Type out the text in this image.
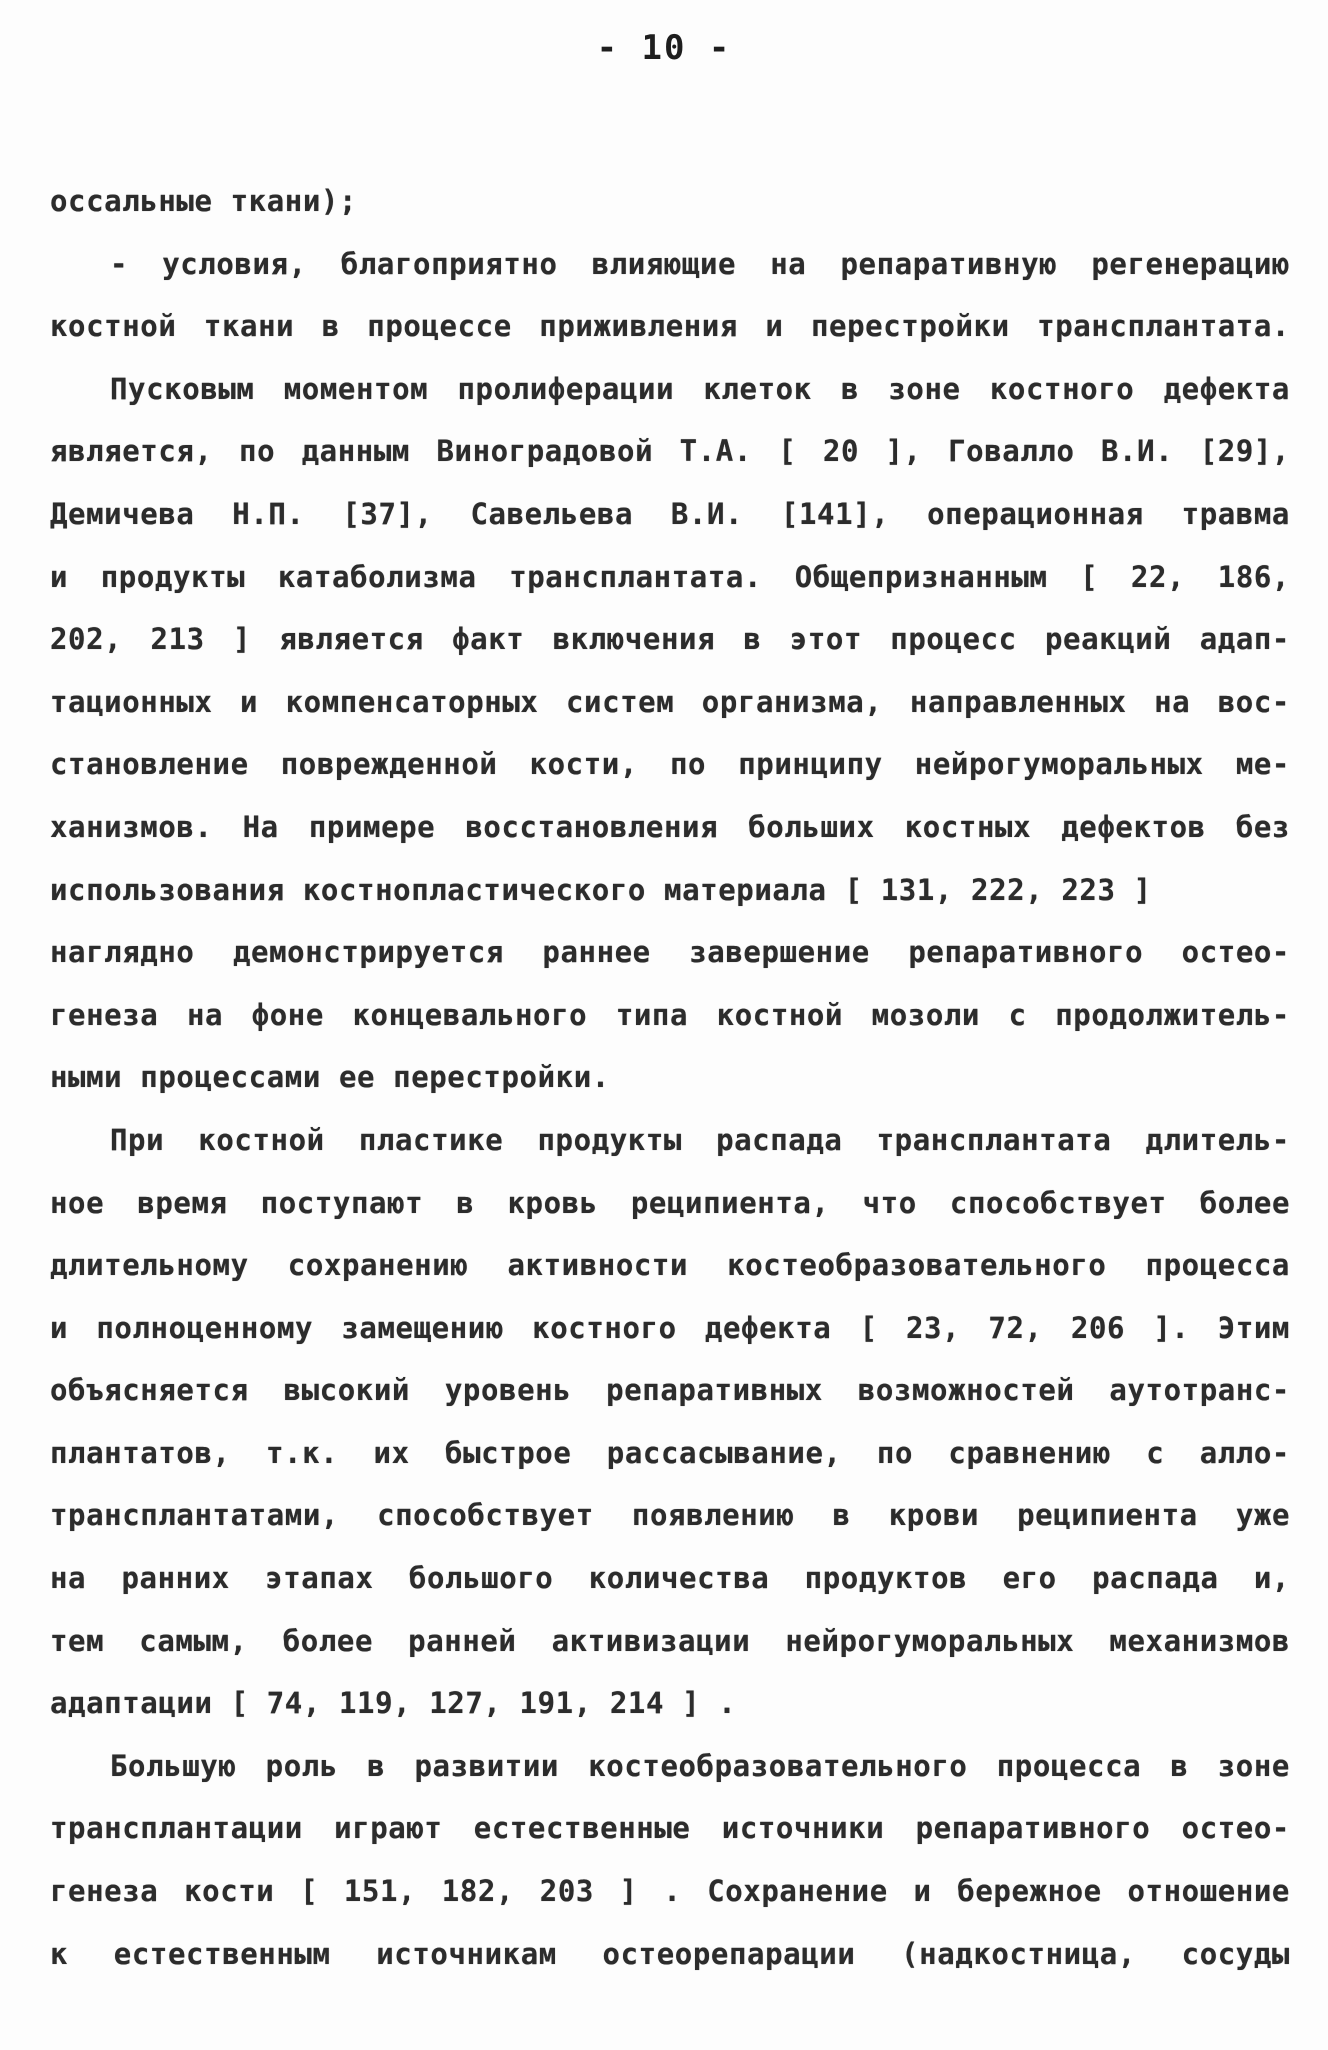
- 10 -
оссальные ткани);
- условия, благоприятно влияющие на репаративную регенерацию
костной ткани в процессе приживления и перестройки трансплантата.
Пусковым моментом пролиферации клеток в зоне костного дефекта
является, по данным Виноградовой Т.А. [ 20 ], Говалло В.И. [29],
Демичева Н.П. [37], Савельева В.И. [141], операционная травма
и продукты катаболизма трансплантата. Общепризнанным [ 22, 186,
202, 213 ] является факт включения в этот процесс реакций адап-
тационных и компенсаторных систем организма, направленных на вос-
становление поврежденной кости, по принципу нейрогуморальных ме-
ханизмов. На примере восстановления больших костных дефектов без
использования костнопластического материала [ 131, 222, 223 ]
наглядно демонстрируется раннее завершение репаративного остео-
генеза на фоне концевального типа костной мозоли с продолжитель-
ными процессами ее перестройки.
При костной пластике продукты распада трансплантата длитель-
ное время поступают в кровь реципиента, что способствует более
длительному сохранению активности костеобразовательного процесса
и полноценному замещению костного дефекта [ 23, 72, 206 ]. Этим
объясняется высокий уровень репаративных возможностей аутотранс-
плантатов, т.к. их быстрое рассасывание, по сравнению с алло-
трансплантатами, способствует появлению в крови реципиента уже
на ранних этапах большого количества продуктов его распада и,
тем самым, более ранней активизации нейрогуморальных механизмов
адаптации [ 74, 119, 127, 191, 214 ] .
Большую роль в развитии костеобразовательного процесса в зоне
трансплантации играют естественные источники репаративного остео-
генеза кости [ 151, 182, 203 ] . Сохранение и бережное отношение
к естественным источникам остеорепарации (надкостница, сосуды
